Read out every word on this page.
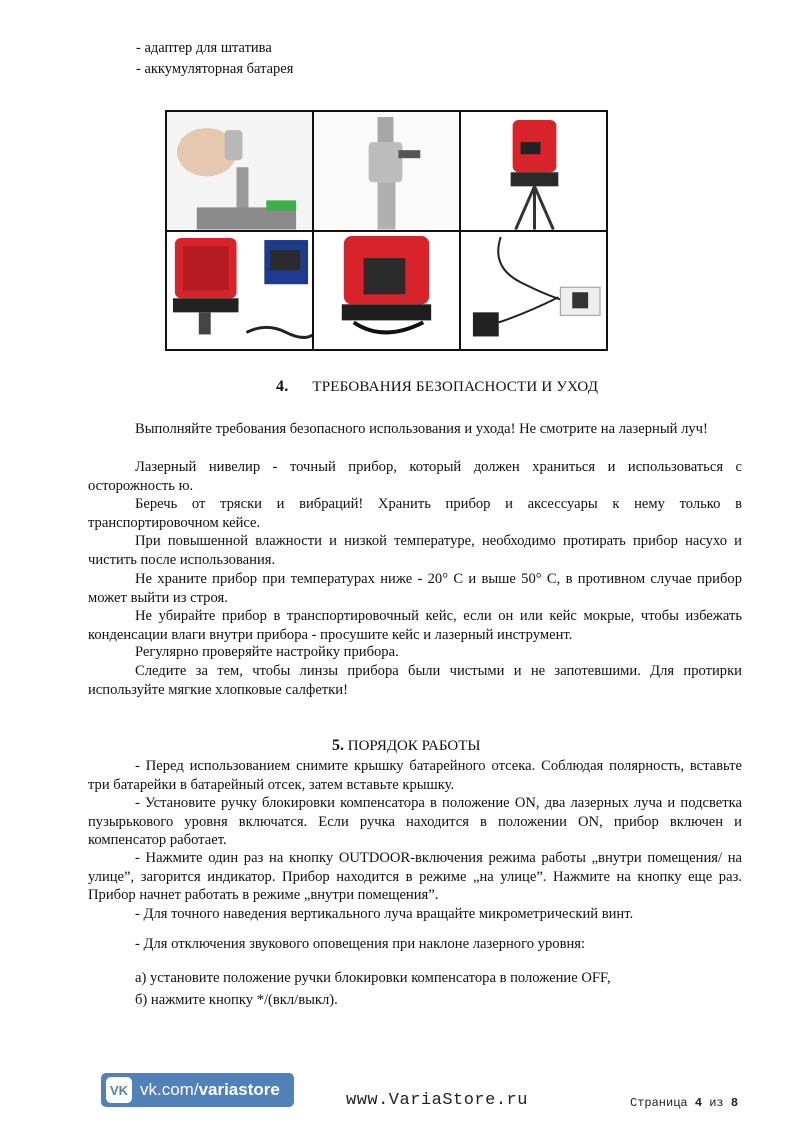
- адаптер для штатива
- аккумуляторная батарея
4. ТРЕБОВАНИЯ БЕЗОПАСНОСТИ И УХОД
Выполняйте требования безопасного использования и ухода! Не смотрите на лазерный луч!
Лазерный нивелир - точный прибор, который должен храниться и использоваться с осторожность ю.
Беречь от тряски и вибраций! Хранить прибор и аксессуары к нему только в транспортировочном кейсе.
При повышенной влажности и низкой температуре, необходимо протирать прибор насухо и чистить после использования.
Не храните прибор при температурах ниже - 20° С и выше 50° С, в противном случае прибор может выйти из строя.
Не убирайте прибор в транспортировочный кейс, если он или кейс мокрые, чтобы избежать конденсации влаги внутри прибора - просушите кейс и лазерный инструмент.
Регулярно проверяйте настройку прибора.
Следите за тем, чтобы линзы прибора были чистыми и не запотевшими. Для протирки используйте мягкие хлопковые салфетки!
5. ПОРЯДОК РАБОТЫ
- Перед использованием снимите крышку батарейного отсека. Соблюдая полярность, вставьте три батарейки в батарейный отсек, затем вставьте крышку.
- Установите ручку блокировки компенсатора в положение ON, два лазерных луча и подсветка пузырькового уровня включатся. Если ручка находится в положении ON, прибор включен и компенсатор работает.
- Нажмите один раз на кнопку OUTDOOR-включения режима работы „внутри помещения/ на улице”, загорится индикатор. Прибор находится в режиме „на улице”. Нажмите на кнопку еще раз. Прибор начнет работать в режиме „внутри помещения”.
- Для точного наведения вертикального луча вращайте микрометрический винт.
- Для отключения звукового оповещения при наклоне лазерного уровня:
а) установите положение ручки блокировки компенсатора в положение OFF,
б) нажмите кнопку */(вкл/выкл).
VK vk.com/variastore
www.VariaStore.ru	Страница 4 из 8
